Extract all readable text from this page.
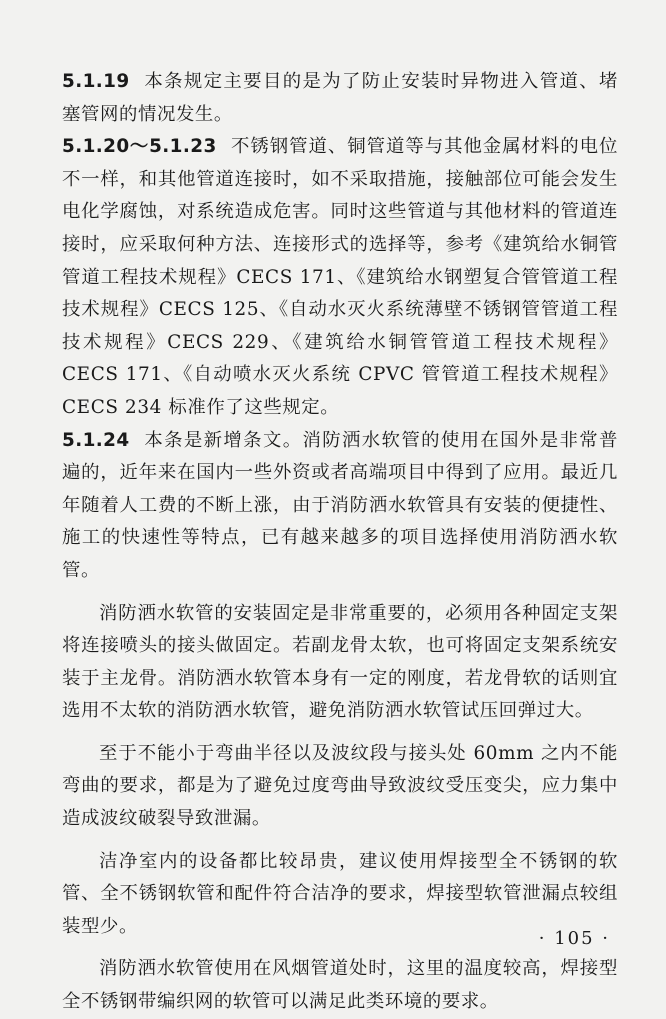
5.1.19 本条规定主要目的是为了防止安装时异物进入管道、堵塞管网的情况发生。

5.1.20～5.1.23 不锈钢管道、铜管道等与其他金属材料的电位不一样，和其他管道连接时，如不采取措施，接触部位可能会发生电化学腐蚀，对系统造成危害。同时这些管道与其他材料的管道连接时，应采取何种方法、连接形式的选择等，参考《建筑给水铜管管道工程技术规程》CECS 171、《建筑给水钢塑复合管管道工程技术规程》CECS 125、《自动水灭火系统薄壁不锈钢管管道工程技术规程》CECS 229、《建筑给水铜管管道工程技术规程》CECS 171、《自动喷水灭火系统 CPVC 管管道工程技术规程》CECS 234 标准作了这些规定。

5.1.24 本条是新增条文。消防洒水软管的使用在国外是非常普遍的，近年来在国内一些外资或者高端项目中得到了应用。最近几年随着人工费的不断上涨，由于消防洒水软管具有安装的便捷性、施工的快速性等特点，已有越来越多的项目选择使用消防洒水软管。

消防洒水软管的安装固定是非常重要的，必须用各种固定支架将连接喷头的接头做固定。若副龙骨太软，也可将固定支架系统安装于主龙骨。消防洒水软管本身有一定的刚度，若龙骨软的话则宜选用不太软的消防洒水软管，避免消防洒水软管试压回弹过大。

至于不能小于弯曲半径以及波纹段与接头处 60mm 之内不能弯曲的要求，都是为了避免过度弯曲导致波纹受压变尖，应力集中造成波纹破裂导致泄漏。

洁净室内的设备都比较昂贵，建议使用焊接型全不锈钢的软管、全不锈钢软管和配件符合洁净的要求，焊接型软管泄漏点较组装型少。

消防洒水软管使用在风烟管道处时，这里的温度较高，焊接型全不锈钢带编织网的软管可以满足此类环境的要求。

· 105 ·
